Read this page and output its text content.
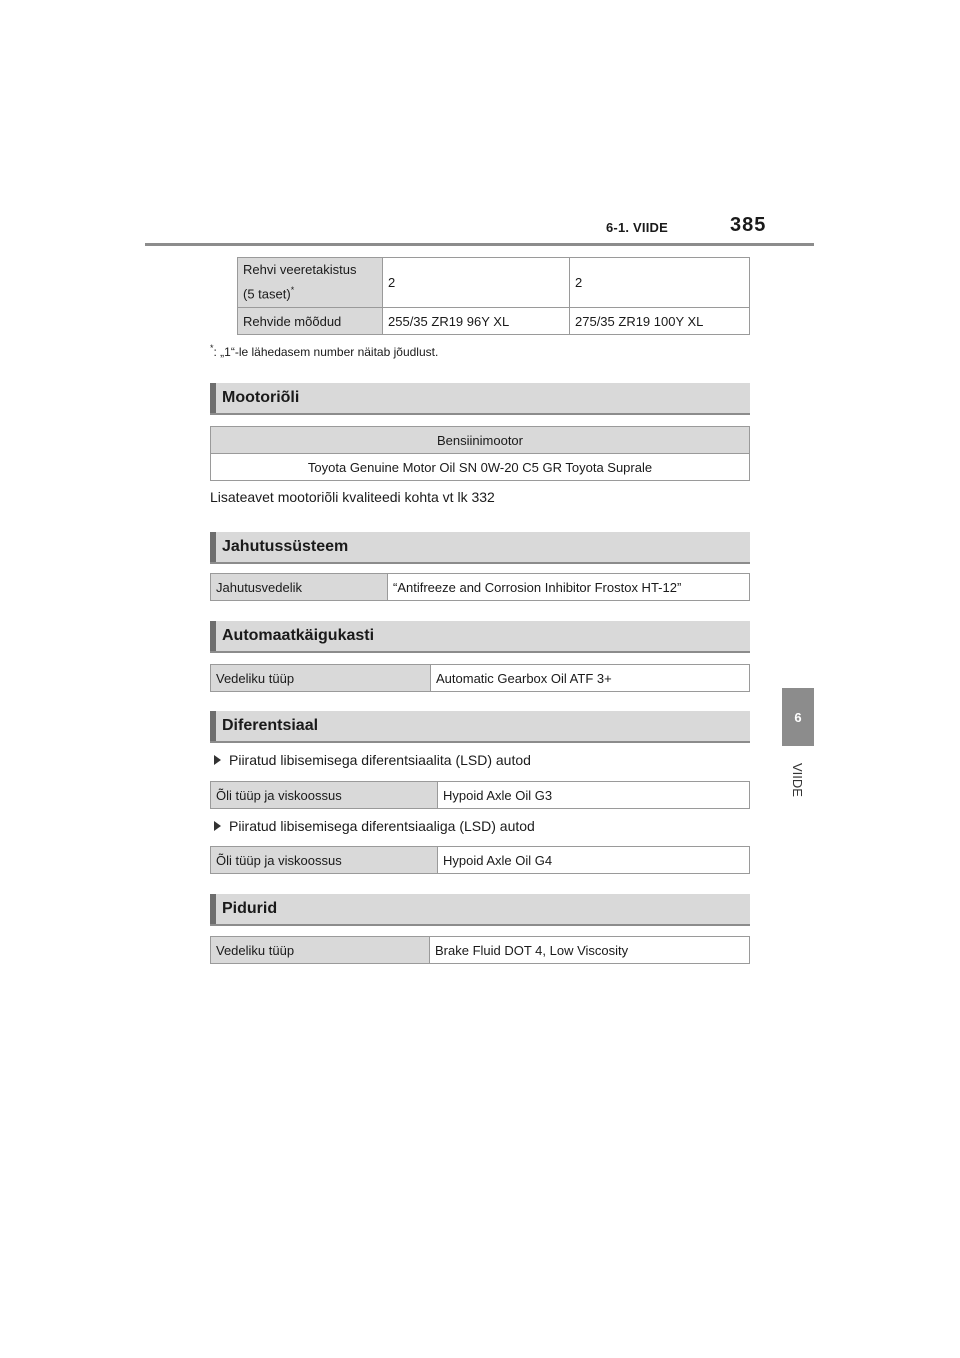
6-1. VIIDE	385
6
VIIDE
Rehvi veeretakistus
(5 taset)*	2	2
Rehvide mõõdud	255/35 ZR19 96Y XL	275/35 ZR19 100Y XL
*: „1“-le lähedasem number näitab jõudlust.
Mootoriõli
Bensiinimootor
Toyota Genuine Motor Oil SN 0W-20 C5 GR Toyota Suprale
Lisateavet mootoriõli kvaliteedi kohta vt lk 332
Jahutussüsteem
Jahutusvedelik	“Antifreeze and Corrosion Inhibitor Frostox HT-12”
Automaatkäigukasti
Vedeliku tüüp	Automatic Gearbox Oil ATF 3+
Diferentsiaal
Piiratud libisemisega diferentsiaalita (LSD) autod
Õli tüüp ja viskoossus	Hypoid Axle Oil G3
Piiratud libisemisega diferentsiaaliga (LSD) autod
Õli tüüp ja viskoossus	Hypoid Axle Oil G4
Pidurid
Vedeliku tüüp	Brake Fluid DOT 4, Low Viscosity
